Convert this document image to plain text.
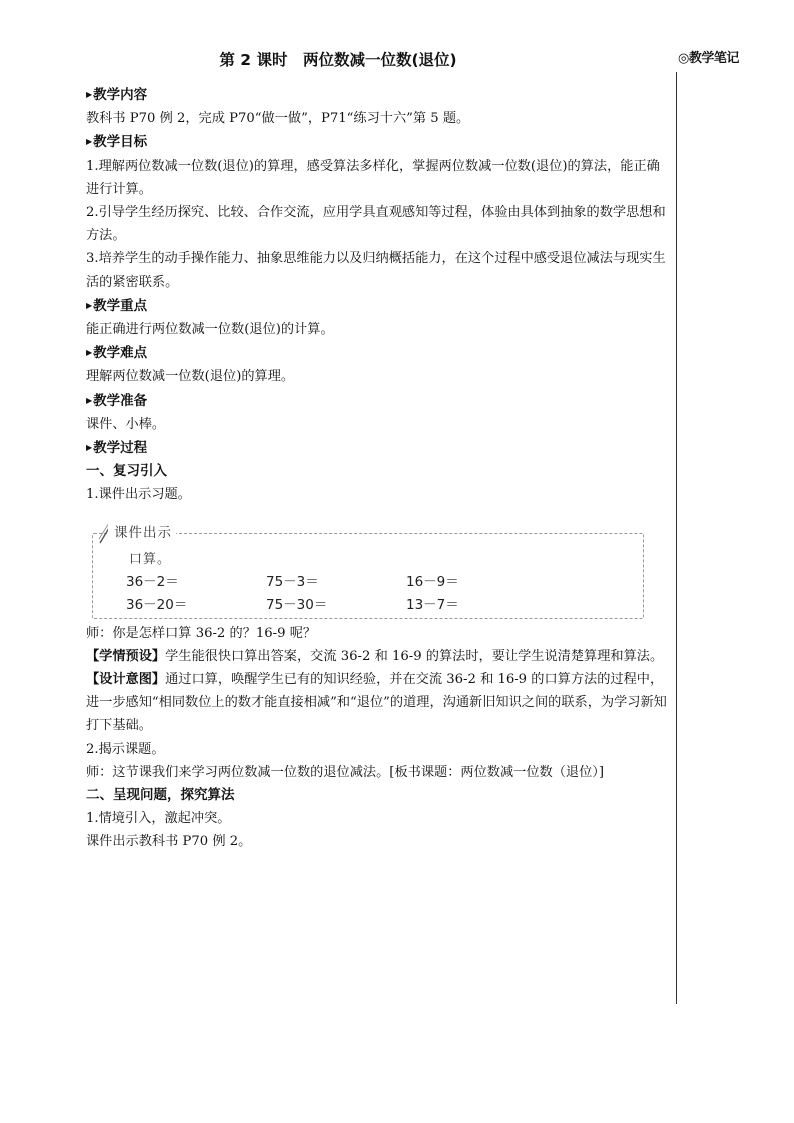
第 2 课时　两位数减一位数(退位)	◎教学笔记

▶教学内容

教科书 P70 例 2，完成 P70“做一做”，P71“练习十六”第 5 题。

▶教学目标

1.理解两位数减一位数(退位)的算理，感受算法多样化，掌握两位数减一位数(退位)的算法，能正确进行计算。

2.引导学生经历探究、比较、合作交流，应用学具直观感知等过程，体验由具体到抽象的数学思想和方法。

3.培养学生的动手操作能力、抽象思维能力以及归纳概括能力，在这个过程中感受退位减法与现实生活的紧密联系。

▶教学重点

能正确进行两位数减一位数(退位)的计算。

▶教学难点

理解两位数减一位数(退位)的算理。

▶教学准备

课件、小棒。

▶教学过程

一、复习引入

1.课件出示习题。

师：你是怎样口算 36-2 的？16-9 呢？

【学情预设】学生能很快口算出答案，交流 36-2 和 16-9 的算法时，要让学生说清楚算理和算法。

【设计意图】通过口算，唤醒学生已有的知识经验，并在交流 36-2 和 16-9 的口算方法的过程中，进一步感知“相同数位上的数才能直接相减”和“退位”的道理，沟通新旧知识之间的联系，为学习新知打下基础。

2.揭示课题。

师：这节课我们来学习两位数减一位数的退位减法。[板书课题：两位数减一位数（退位）]

二、呈现问题，探究算法

1.情境引入，激起冲突。

课件出示教科书 P70 例 2。

课件出示
口算。
36－2＝	75－3＝	16－9＝
36－20＝	75－30＝	13－7＝
